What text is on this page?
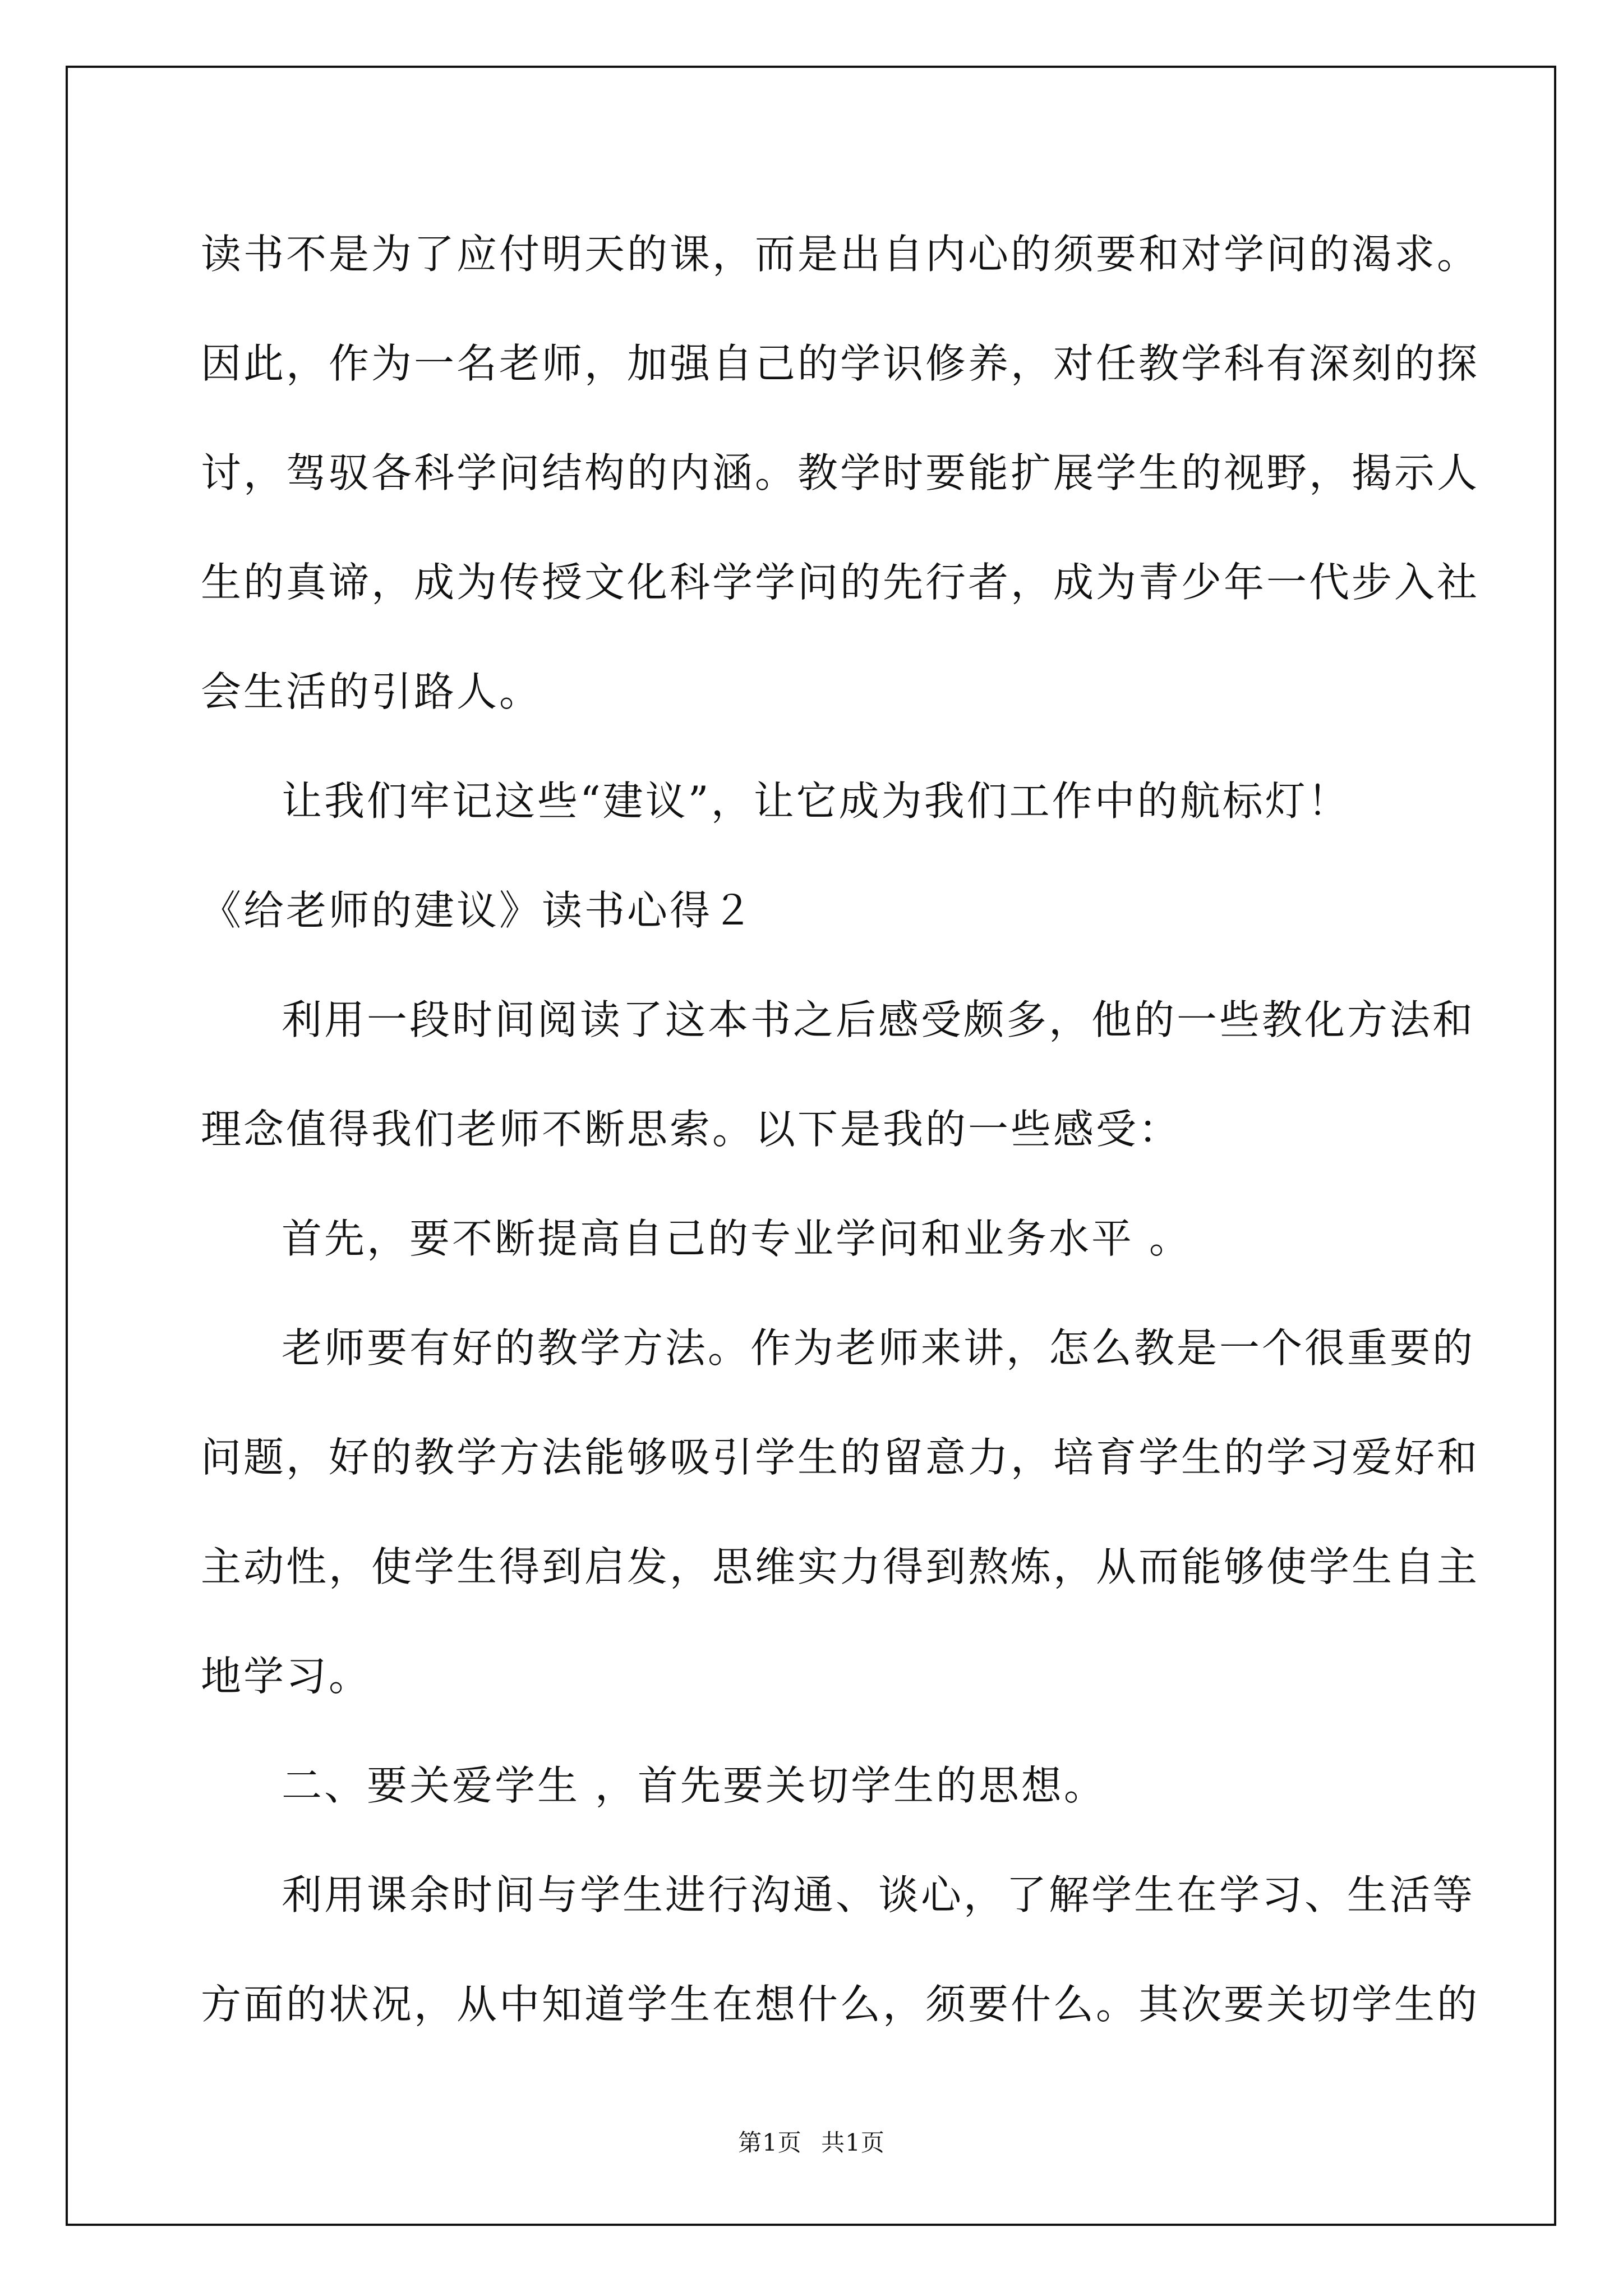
读书不是为了应付明天的课，而是出自内心的须要和对学问的渴求。
因此，作为一名老师，加强自己的学识修养，对任教学科有深刻的探
讨，驾驭各科学问结构的内涵。教学时要能扩展学生的视野，揭示人
生的真谛，成为传授文化科学学问的先行者，成为青少年一代步入社
会生活的引路人。
让我们牢记这些“建议”，让它成为我们工作中的航标灯！
《给老师的建议》读书心得２
利用一段时间阅读了这本书之后感受颇多，他的一些教化方法和
理念值得我们老师不断思索。以下是我的一些感受：
首先，要不断提高自己的专业学问和业务水平 。
老师要有好的教学方法。作为老师来讲，怎么教是一个很重要的
问题，好的教学方法能够吸引学生的留意力，培育学生的学习爱好和
主动性，使学生得到启发，思维实力得到熬炼，从而能够使学生自主
地学习。
二、要关爱学生 ，首先要关切学生的思想。
利用课余时间与学生进行沟通、谈心，了解学生在学习、生活等
方面的状况，从中知道学生在想什么，须要什么。其次要关切学生的
第1页 共1页
